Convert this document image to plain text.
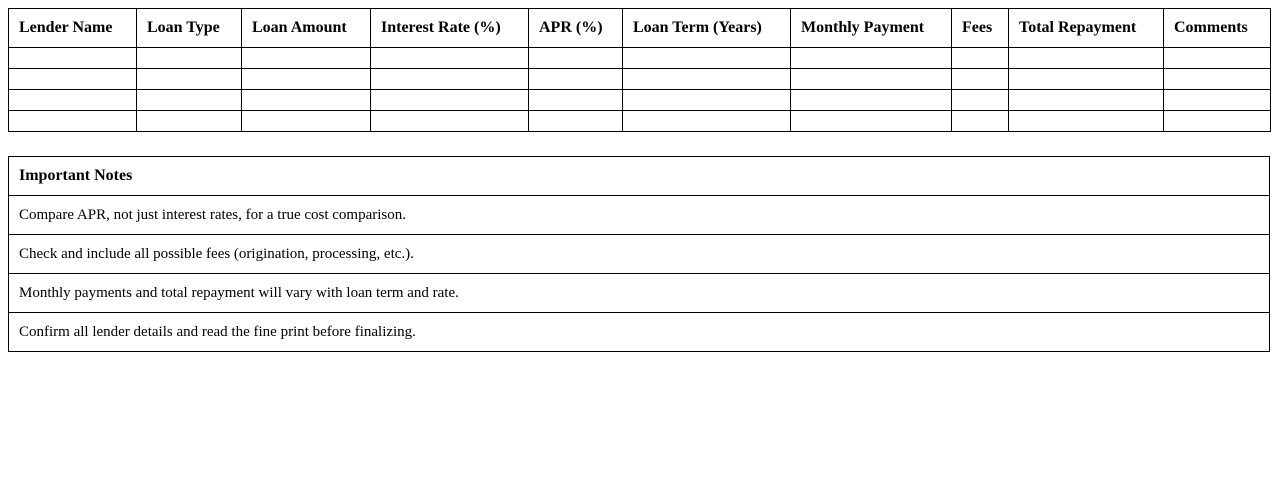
Lender Name	Loan Type	Loan Amount	Interest Rate (%)	APR (%)	Loan Term (Years)	Monthly Payment	Fees	Total Repayment	Comments

Important Notes
Compare APR, not just interest rates, for a true cost comparison.
Check and include all possible fees (origination, processing, etc.).
Monthly payments and total repayment will vary with loan term and rate.
Confirm all lender details and read the fine print before finalizing.
